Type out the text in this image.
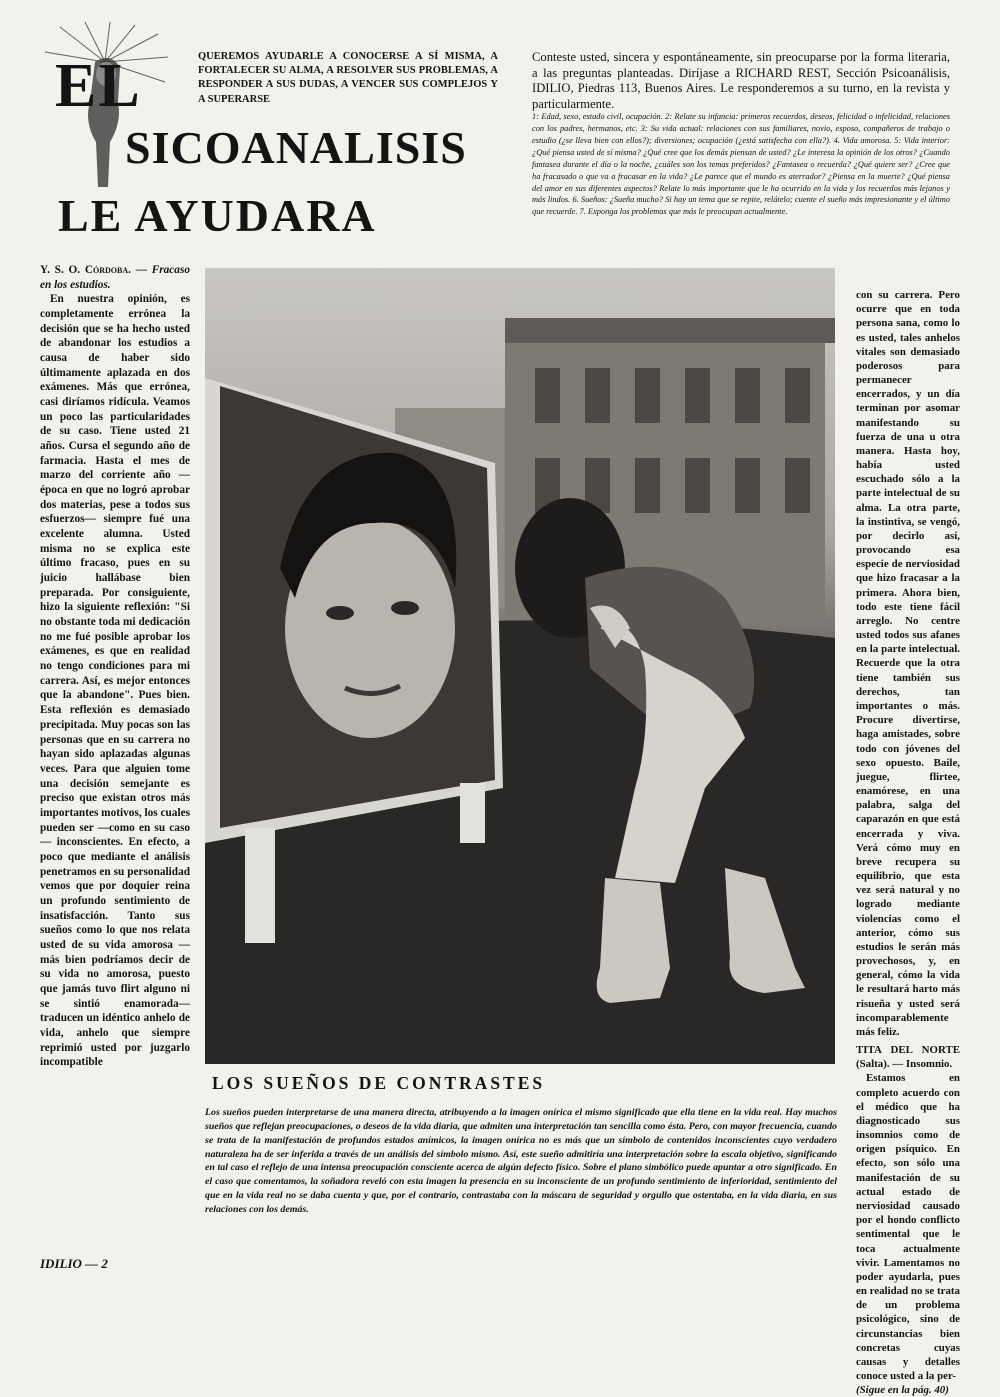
EL
SICOANALISIS
LE AYUDARA
QUEREMOS AYUDARLE A CONOCERSE A SÍ MISMA, A FORTALECER SU ALMA, A RESOLVER SUS PROBLEMAS, A RESPONDER A SUS DUDAS, A VENCER SUS COMPLEJOS Y A SUPERARSE
Conteste usted, sincera y espontáneamente, sin preocuparse por la forma literaria, a las preguntas planteadas. Diríjase a RICHARD REST, Sección Psicoanálisis, IDILIO, Piedras 113, Buenos Aires. Le responderemos a su turno, en la revista y particularmente.
1: Edad, sexo, estado civil, ocupación. 2: Relate su infancia: primeros recuerdos, deseos, felicidad o infelicidad, relaciones con los padres, hermanos, etc. 3: Su vida actual: relaciones con sus familiares, novio, esposo, compañeros de trabajo o estudio (¿se lleva bien con ellos?); diversiones; ocupación (¿está satisfecha con ella?). 4. Vida amorosa. 5: Vida interior: ¿Qué piensa usted de sí misma? ¿Qué cree que los demás piensan de usted? ¿Le interesa la opinión de los otros? ¿Cuando fantasea durante el día o la noche, ¿cuáles son los temas preferidos? ¿Fantasea o recuerda? ¿Qué quiere ser? ¿Cree que ha fracasado o que va a fracasar en la vida? ¿Le parece que el mundo es aterrador? ¿Piensa en la muerte? ¿Qué piensa del amor en sus diferentes aspectos? Relate lo más importante que le ha ocurrido en la vida y los recuerdos más lejanos y más lindos. 6. Sueños: ¿Sueña mucho? Si hay un tema que se repite, relátelo; cuente el sueño más impresionante y el último que recuerde. 7. Exponga los problemas que más le preocupan actualmente.

Y. S. O. Córdoba. — Fracaso en los estudios.

En nuestra opinión, es completamente errónea la decisión que se ha hecho usted de abandonar los estudios a causa de haber sido últimamente aplazada en dos exámenes. Más que errónea, casi diríamos ridícula. Veamos un poco las particularidades de su caso. Tiene usted 21 años. Cursa el segundo año de farmacia. Hasta el mes de marzo del corriente año —época en que no logró aprobar dos materias, pese a todos sus esfuerzos— siempre fué una excelente alumna. Usted misma no se explica este último fracaso, pues en su juicio hallábase bien preparada. Por consiguiente, hizo la siguiente reflexión: "Si no obstante toda mi dedicación no me fué posible aprobar los exámenes, es que en realidad no tengo condiciones para mi carrera. Así, es mejor entonces que la abandone". Pues bien. Esta reflexión es demasiado precipitada. Muy pocas son las personas que en su carrera no hayan sido aplazadas algunas veces. Para que alguien tome una decisión semejante es preciso que existan otros más importantes motivos, los cuales pueden ser —como en su caso— inconscientes. En efecto, a poco que mediante el análisis penetramos en su personalidad vemos que por doquier reina un profundo sentimiento de insatisfacción. Tanto sus sueños como lo que nos relata usted de su vida amorosa —más bien podríamos decir de su vida no amorosa, puesto que jamás tuvo flirt alguno ni se sintió enamorada— traducen un idéntico anhelo de vida, anhelo que siempre reprimió usted por juzgarlo incompatible

LOS SUEÑOS DE CONTRASTES
Los sueños pueden interpretarse de una manera directa, atribuyendo a la imagen onírica el mismo significado que ella tiene en la vida real. Hay muchos sueños que reflejan preocupaciones, o deseos de la vida diaria, que admiten una interpretación tan sencilla como ésta. Pero, con mayor frecuencia, cuando se trata de la manifestación de profundos estados anímicos, la imagen onírica no es más que un símbolo de contenidos inconscientes cuyo verdadero naturaleza ha de ser inferida a través de un análisis del símbolo mismo. Así, este sueño admitiría una interpretación sobre la escala objetivo, significando en tal caso el reflejo de una intensa preocupación consciente acerca de algún defecto físico. Sobre el plano simbólico puede apuntar a otro significado. En el caso que comentamos, la soñadora reveló con esta imagen la presencia en su inconsciente de un profundo sentimiento de inferioridad, sentimiento del que en la vida real no se daba cuenta y que, por el contrario, contrastaba con la máscara de seguridad y orgullo que ostentaba, en la vida diaria, en sus relaciones con los demás.

con su carrera. Pero ocurre que en toda persona sana, como lo es usted, tales anhelos vitales son demasiado poderosos para permanecer encerrados, y un día terminan por asomar manifestando su fuerza de una u otra manera. Hasta hoy, había usted escuchado sólo a la parte intelectual de su alma. La otra parte, la instintiva, se vengó, por decirlo así, provocando esa especie de nerviosidad que hizo fracasar a la primera. Ahora bien, todo este tiene fácil arreglo. No centre usted todos sus afanes en la parte intelectual. Recuerde que la otra tiene también sus derechos, tan importantes o más. Procure divertirse, haga amistades, sobre todo con jóvenes del sexo opuesto. Baile, juegue, flirtee, enamórese, en una palabra, salga del caparazón en que está encerrada y viva. Verá cómo muy en breve recupera su equilibrio, que esta vez será natural y no logrado mediante violencias como el anterior, cómo sus estudios le serán más provechosos, y, en general, cómo la vida le resultará harto más risueña y usted será incomparablemente más feliz.

TITA DEL NORTE (Salta). — Insomnio.

Estamos en completo acuerdo con el médico que ha diagnosticado sus insomnios como de origen psíquico. En efecto, son sólo una manifestación de su actual estado de nerviosidad causado por el hondo conflicto sentimental que le toca actualmente vivir. Lamentamos no poder ayudarla, pues en realidad no se trata de un problema psicológico, sino de circunstancias bien concretas cuyas causas y detalles conoce usted a la per-

(Sigue en la pág. 40)

IDILIO — 2
